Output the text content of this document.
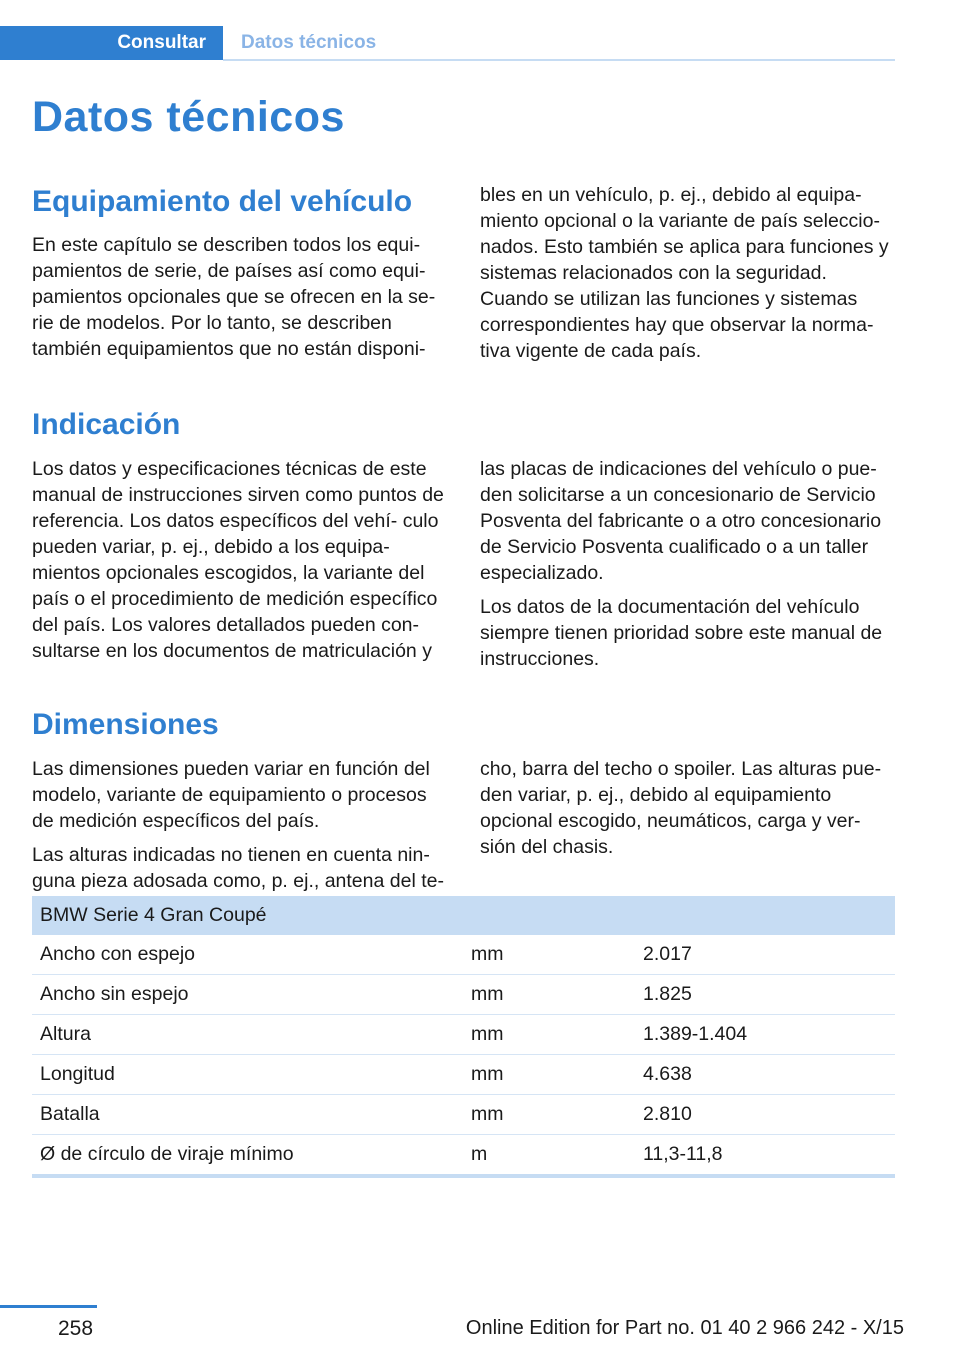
Consultar	Datos técnicos
Datos técnicos
Equipamiento del vehículo

En este capítulo se describen todos los equi‐ pamientos de serie, de países así como equi‐ pamientos opcionales que se ofrecen en la se‐ rie de modelos. Por lo tanto, se describen también equipamientos que no están disponi‐

bles en un vehículo, p. ej., debido al equipa‐ miento opcional o la variante de país seleccio‐ nados. Esto también se aplica para funciones y sistemas relacionados con la seguridad. Cuando se utilizan las funciones y sistemas correspondientes hay que observar la norma‐ tiva vigente de cada país.

Indicación

Los datos y especificaciones técnicas de este manual de instrucciones sirven como puntos de referencia. Los datos específicos del vehí‐ culo pueden variar, p. ej., debido a los equipa‐ mientos opcionales escogidos, la variante del país o el procedimiento de medición específico del país. Los valores detallados pueden con‐ sultarse en los documentos de matriculación y

las placas de indicaciones del vehículo o pue‐ den solicitarse a un concesionario de Servicio Posventa del fabricante o a otro concesionario de Servicio Posventa cualificado o a un taller especializado.

Los datos de la documentación del vehículo siempre tienen prioridad sobre este manual de instrucciones.

Dimensiones

Las dimensiones pueden variar en función del modelo, variante de equipamiento o procesos de medición específicos del país.

Las alturas indicadas no tienen en cuenta nin‐ guna pieza adosada como, p. ej., antena del te‐

cho, barra del techo o spoiler. Las alturas pue‐ den variar, p. ej., debido al equipamiento opcional escogido, neumáticos, carga y ver‐ sión del chasis.

BMW Serie 4 Gran Coupé		
Ancho con espejo	mm	2.017
Ancho sin espejo	mm	1.825
Altura	mm	1.389-1.404
Longitud	mm	4.638
Batalla	mm	2.810
Ø de círculo de viraje mínimo	m	11,3-11,8
258	Online Edition for Part no. 01 40 2 966 242 - X/15
